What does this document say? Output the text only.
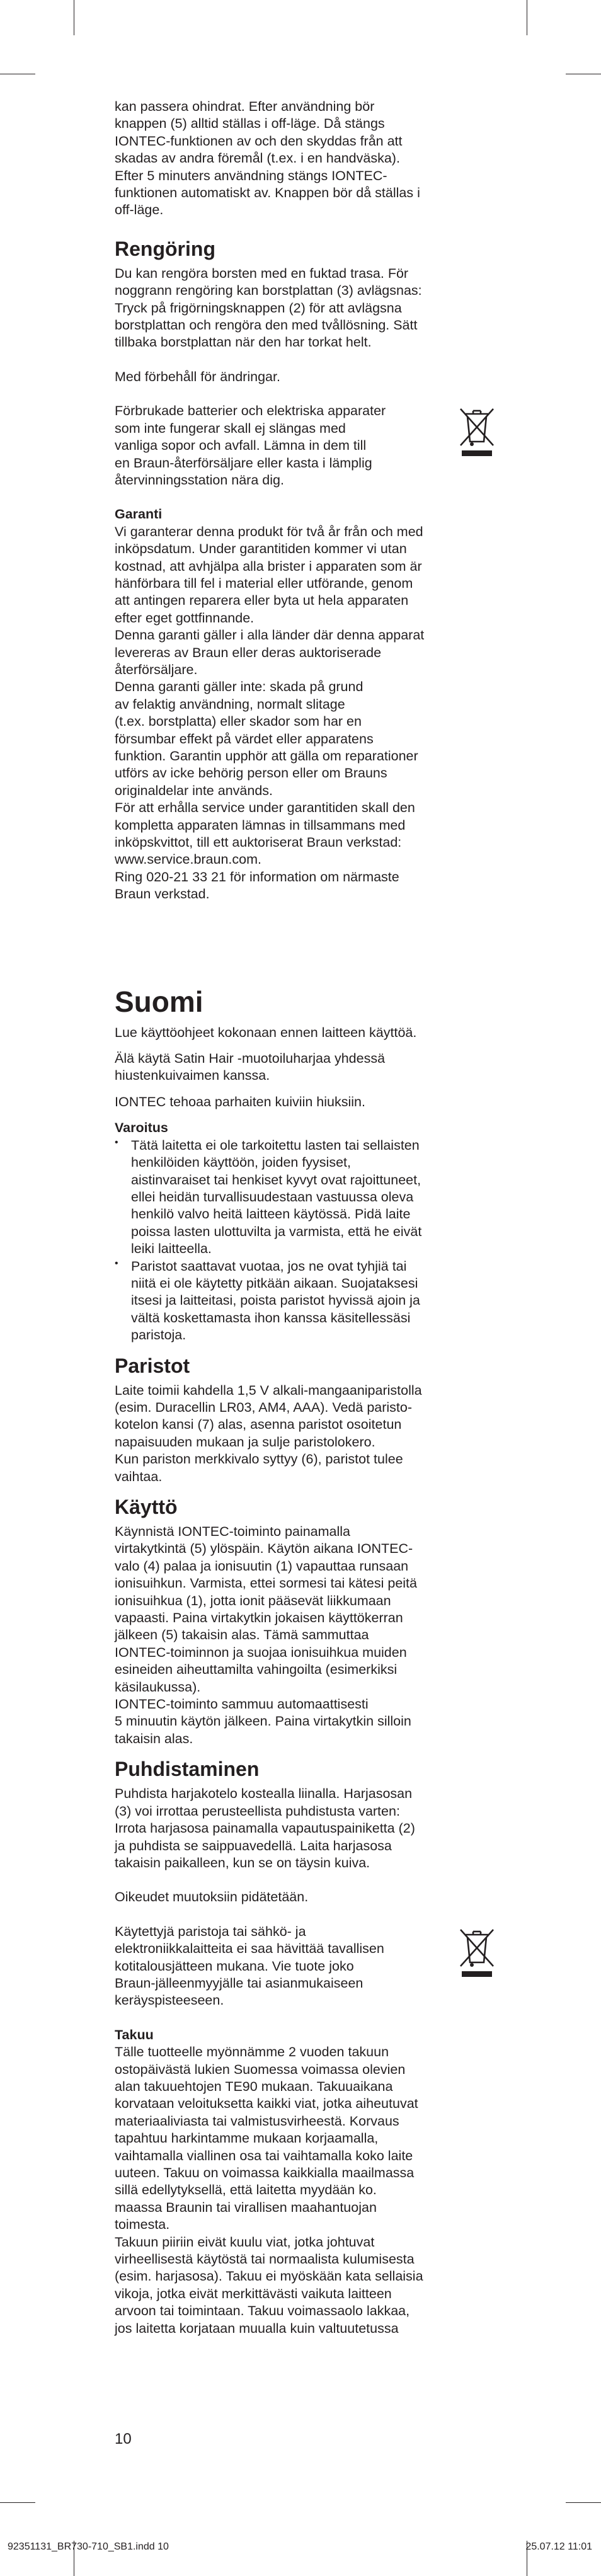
kan passera ohindrat. Efter användning bör

knappen (5) alltid ställas i off-läge. Då stängs

IONTEC-funktionen av och den skyddas från att

skadas av andra föremål (t.ex. i en handväska).

Efter 5 minuters användning stängs IONTEC-

funktionen automatiskt av. Knappen bör då ställas i

off-läge.

Rengöring

Du kan rengöra borsten med en fuktad trasa. För

noggrann rengöring kan borstplattan (3) avlägsnas:

Tryck på frigörningsknappen (2) för att avlägsna

borstplattan och rengöra den med tvållösning. Sätt

tillbaka borstplattan när den har torkat helt.

Med förbehåll för ändringar.

Förbrukade batterier och elektriska apparater

som inte fungerar skall ej slängas med

vanliga sopor och avfall. Lämna in dem till

en Braun-återförsäljare eller kasta i lämplig

återvinningsstation nära dig.

Garanti

Vi garanterar denna produkt för två år från och med

inköpsdatum. Under garantitiden kommer vi utan

kostnad, att avhjälpa alla brister i apparaten som är

hänförbara till fel i material eller utförande, genom

att antingen reparera eller byta ut hela apparaten

efter eget gottfinnande.

Denna garanti gäller i alla länder där denna apparat

levereras av Braun eller deras auktoriserade

återförsäljare.

Denna garanti gäller inte: skada på grund

av felaktig användning, normalt slitage

(t.ex. borstplatta) eller skador som har en

försumbar effekt på värdet eller apparatens

funktion. Garantin upphör att gälla om reparationer

utförs av icke behörig person eller om Brauns

originaldelar inte används.

För att erhålla service under garantitiden skall den

kompletta apparaten lämnas in tillsammans med

inköpskvittot, till ett auktoriserat Braun verkstad:

www.service.braun.com.

Ring 020-21 33 21 för information om närmaste

Braun verkstad.

Suomi

Lue käyttöohjeet kokonaan ennen laitteen käyttöä.

Älä käytä Satin Hair -muotoiluharjaa yhdessä

hiustenkuivaimen kanssa.

IONTEC tehoaa parhaiten kuiviin hiuksiin.

Varoitus

• Tätä laitetta ei ole tarkoitettu lasten tai sellaisten

henkilöiden käyttöön, joiden fyysiset,

aistinvaraiset tai henkiset kyvyt ovat rajoittuneet,

ellei heidän turvallisuudestaan vastuussa oleva

henkilö valvo heitä laitteen käytössä. Pidä laite

poissa lasten ulottuvilta ja varmista, että he eivät

leiki laitteella.

• Paristot saattavat vuotaa, jos ne ovat tyhjiä tai

niitä ei ole käytetty pitkään aikaan. Suojataksesi

itsesi ja laitteitasi, poista paristot hyvissä ajoin ja

vältä koskettamasta ihon kanssa käsitellessäsi

paristoja.

Paristot

Laite toimii kahdella 1,5 V alkali-mangaaniparistolla

(esim. Duracellin LR03, AM4, AAA). Vedä paristo-

kotelon kansi (7) alas, asenna paristot osoitetun

napaisuuden mukaan ja sulje paristolokero.

Kun pariston merkkivalo syttyy (6), paristot tulee

vaihtaa.

Käyttö

Käynnistä IONTEC-toiminto painamalla

virtakytkintä (5) ylöspäin. Käytön aikana IONTEC-

valo (4) palaa ja ionisuutin (1) vapauttaa runsaan

ionisuihkun. Varmista, ettei sormesi tai kätesi peitä

ionisuihkua (1), jotta ionit pääsevät liikkumaan

vapaasti. Paina virtakytkin jokaisen käyttökerran

jälkeen (5) takaisin alas. Tämä sammuttaa

IONTEC-toiminnon ja suojaa ionisuihkua muiden

esineiden aiheuttamilta vahingoilta (esimerkiksi

käsilaukussa).

IONTEC-toiminto sammuu automaattisesti

5 minuutin käytön jälkeen. Paina virtakytkin silloin

takaisin alas.

Puhdistaminen

Puhdista harjakotelo kostealla liinalla. Harjasosan

(3) voi irrottaa perusteellista puhdistusta varten:

Irrota harjasosa painamalla vapautuspainiketta (2)

ja puhdista se saippuavedellä. Laita harjasosa

takaisin paikalleen, kun se on täysin kuiva.

Oikeudet muutoksiin pidätetään.

Käytettyjä paristoja tai sähkö- ja

elektroniikkalaitteita ei saa hävittää tavallisen

kotitalousjätteen mukana. Vie tuote joko

Braun-jälleenmyyjälle tai asianmukaiseen

keräyspisteeseen.

Takuu

Tälle tuotteelle myönnämme 2 vuoden takuun

ostopäivästä lukien Suomessa voimassa olevien

alan takuuehtojen TE90 mukaan. Takuuaikana

korvataan veloituksetta kaikki viat, jotka aiheutuvat

materiaaliviasta tai valmistusvirheestä. Korvaus

tapahtuu harkintamme mukaan korjaamalla,

vaihtamalla viallinen osa tai vaihtamalla koko laite

uuteen. Takuu on voimassa kaikkialla maailmassa

sillä edellytyksellä, että laitetta myydään ko.

maassa Braunin tai virallisen maahantuojan

toimesta.

Takuun piiriin eivät kuulu viat, jotka johtuvat

virheellisestä käytöstä tai normaalista kulumisesta

(esim. harjasosa). Takuu ei myöskään kata sellaisia

vikoja, jotka eivät merkittävästi vaikuta laitteen

arvoon tai toimintaan. Takuu voimassaolo lakkaa,

jos laitetta korjataan muualla kuin valtuutetussa

10
92351131_BR730-710_SB1.indd 10	25.07.12 11:01
